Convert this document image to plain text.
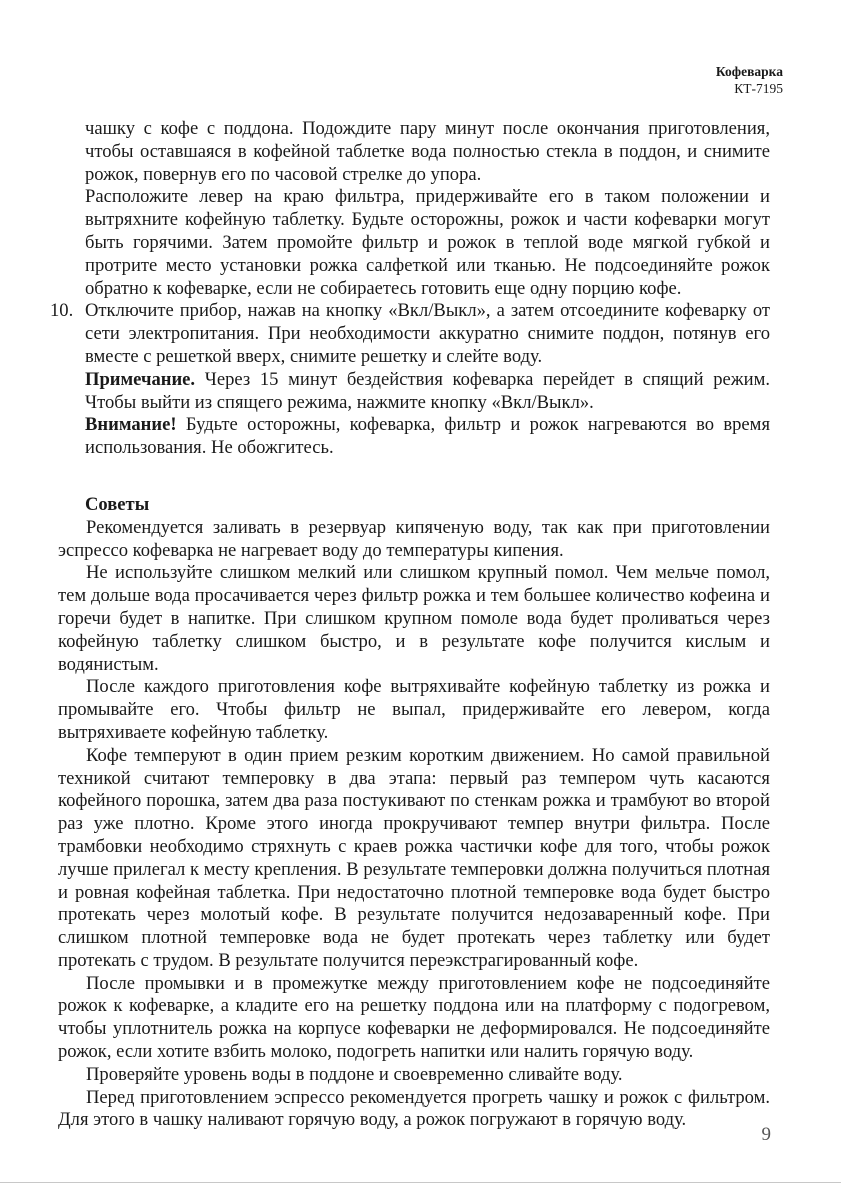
Кофеварка
КТ-7195

чашку с кофе с поддона. Подождите пару минут после окончания приготовления, чтобы оставшаяся в кофейной таблетке вода полностью стекла в поддон, и снимите рожок, повернув его по часовой стрелке до упора.

Расположите левер на краю фильтра, придерживайте его в таком положении и вытряхните кофейную таблетку. Будьте осторожны, рожок и части кофеварки могут быть горячими. Затем промойте фильтр и рожок в теплой воде мягкой губкой и протрите место установки рожка салфеткой или тканью. Не подсоединяйте рожок обратно к кофеварке, если не собираетесь готовить еще одну порцию кофе.

10. Отключите прибор, нажав на кнопку «Вкл/Выкл», а затем отсоедините кофеварку от сети электропитания. При необходимости аккуратно снимите поддон, потянув его вместе с решеткой вверх, снимите решетку и слейте воду.

Примечание. Через 15 минут бездействия кофеварка перейдет в спящий режим. Чтобы выйти из спящего режима, нажмите кнопку «Вкл/Выкл».

Внимание! Будьте осторожны, кофеварка, фильтр и рожок нагреваются во время использования. Не обожгитесь.

Советы

Рекомендуется заливать в резервуар кипяченую воду, так как при приготовлении эспрессо кофеварка не нагревает воду до температуры кипения.

Не используйте слишком мелкий или слишком крупный помол. Чем мельче помол, тем дольше вода просачивается через фильтр рожка и тем большее количество кофеина и горечи будет в напитке. При слишком крупном помоле вода будет проливаться через кофейную таблетку слишком быстро, и в результате кофе получится кислым и водянистым.

После каждого приготовления кофе вытряхивайте кофейную таблетку из рожка и промывайте его. Чтобы фильтр не выпал, придерживайте его левером, когда вытряхиваете кофейную таблетку.

Кофе темперуют в один прием резким коротким движением. Но самой правильной техникой считают темперовку в два этапа: первый раз темпером чуть касаются кофейного порошка, затем два раза постукивают по стенкам рожка и трамбуют во второй раз уже плотно. Кроме этого иногда прокручивают темпер внутри фильтра. После трамбовки необходимо стряхнуть с краев рожка частички кофе для того, чтобы рожок лучше прилегал к месту крепления. В результате темперовки должна получиться плотная и ровная кофейная таблетка. При недостаточно плотной темперовке вода будет быстро протекать через молотый кофе. В результате получится недозаваренный кофе. При слишком плотной темперовке вода не будет протекать через таблетку или будет протекать с трудом. В результате получится переэкстрагированный кофе.

После промывки и в промежутке между приготовлением кофе не подсоединяйте рожок к кофеварке, а кладите его на решетку поддона или на платформу с подогревом, чтобы уплотнитель рожка на корпусе кофеварки не деформировался. Не подсоединяйте рожок, если хотите взбить молоко, подогреть напитки или налить горячую воду.

Проверяйте уровень воды в поддоне и своевременно сливайте воду.

Перед приготовлением эспрессо рекомендуется прогреть чашку и рожок с фильтром. Для этого в чашку наливают горячую воду, а рожок погружают в горячую воду.

9
